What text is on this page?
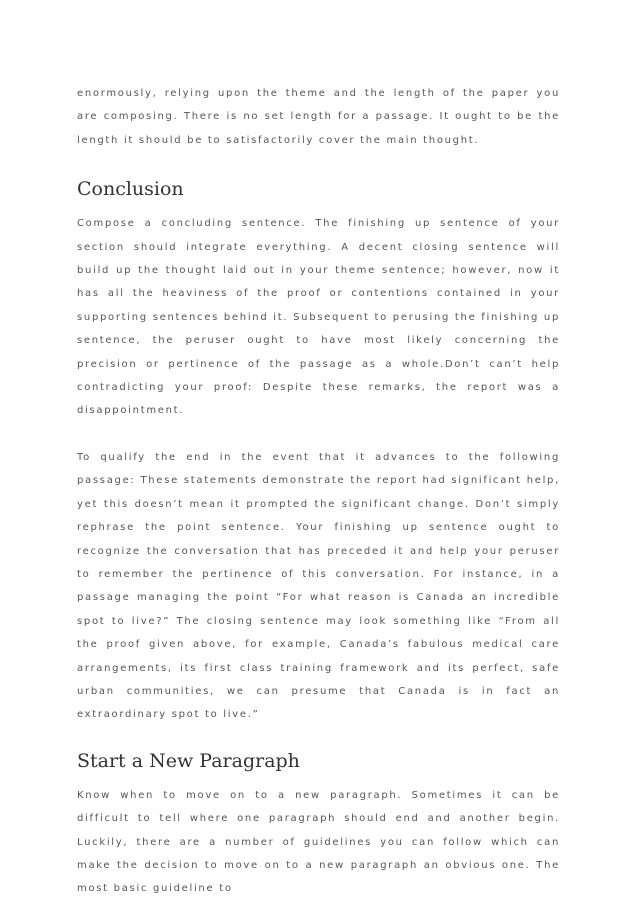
enormously, relying upon the theme and the length of the paper you are composing. There is no set length for a passage. It ought to be the length it should be to satisfactorily cover the main thought.

Conclusion

Compose a concluding sentence. The finishing up sentence of your section should integrate everything. A decent closing sentence will build up the thought laid out in your theme sentence; however, now it has all the heaviness of the proof or contentions contained in your supporting sentences behind it. Subsequent to perusing the finishing up sentence, the peruser ought to have most likely concerning the precision or pertinence of the passage as a whole.Don’t can’t help contradicting your proof: Despite these remarks, the report was a disappointment.

To qualify the end in the event that it advances to the following passage: These statements demonstrate the report had significant help, yet this doesn’t mean it prompted the significant change. Don’t simply rephrase the point sentence. Your finishing up sentence ought to recognize the conversation that has preceded it and help your peruser to remember the pertinence of this conversation. For instance, in a passage managing the point “For what reason is Canada an incredible spot to live?” The closing sentence may look something like “From all the proof given above, for example, Canada’s fabulous medical care arrangements, its first class training framework and its perfect, safe urban communities, we can presume that Canada is in fact an extraordinary spot to live.”

Start a New Paragraph

Know when to move on to a new paragraph. Sometimes it can be difficult to tell where one paragraph should end and another begin. Luckily, there are a number of guidelines you can follow which can make the decision to move on to a new paragraph an obvious one. The most basic guideline to
